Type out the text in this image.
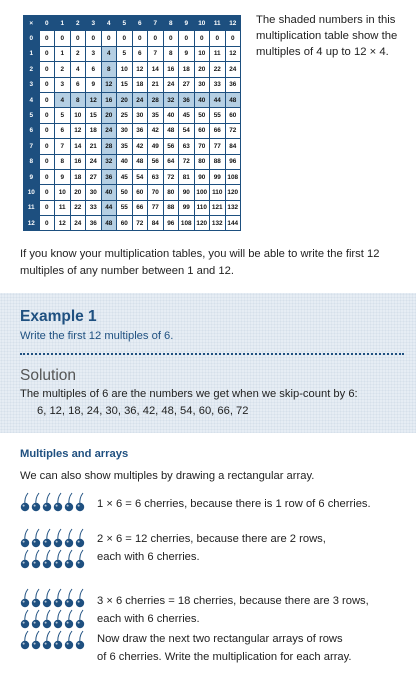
×	0	1	2	3	4	5	6	7	8	9	10	11	12
0	0	0	0	0	0	0	0	0	0	0	0	0	0
1	0	1	2	3	4	5	6	7	8	9	10	11	12
2	0	2	4	6	8	10	12	14	16	18	20	22	24
3	0	3	6	9	12	15	18	21	24	27	30	33	36
4	0	4	8	12	16	20	24	28	32	36	40	44	48
5	0	5	10	15	20	25	30	35	40	45	50	55	60
6	0	6	12	18	24	30	36	42	48	54	60	66	72
7	0	7	14	21	28	35	42	49	56	63	70	77	84
8	0	8	16	24	32	40	48	56	64	72	80	88	96
9	0	9	18	27	36	45	54	63	72	81	90	99	108
10	0	10	20	30	40	50	60	70	80	90	100	110	120
11	0	11	22	33	44	55	66	77	88	99	110	121	132
12	0	12	24	36	48	60	72	84	96	108	120	132	144
The shaded numbers in this multiplication table show the multiples of 4 up to 12 × 4.
If you know your multiplication tables, you will be able to write the first 12 multiples of any number between 1 and 12.
Example 1
Write the first 12 multiples of 6.
Solution
The multiples of 6 are the numbers we get when we skip-count by 6:
6, 12, 18, 24, 30, 36, 42, 48, 54, 60, 66, 72
Multiples and arrays
We can also show multiples by drawing a rectangular array.
1 × 6 = 6 cherries, because there is 1 row of 6 cherries.
2 × 6 = 12 cherries, because there are 2 rows,
each with 6 cherries.
3 × 6 cherries = 18 cherries, because there are 3 rows,
each with 6 cherries.
Now draw the next two rectangular arrays of rows
of 6 cherries. Write the multiplication for each array.
